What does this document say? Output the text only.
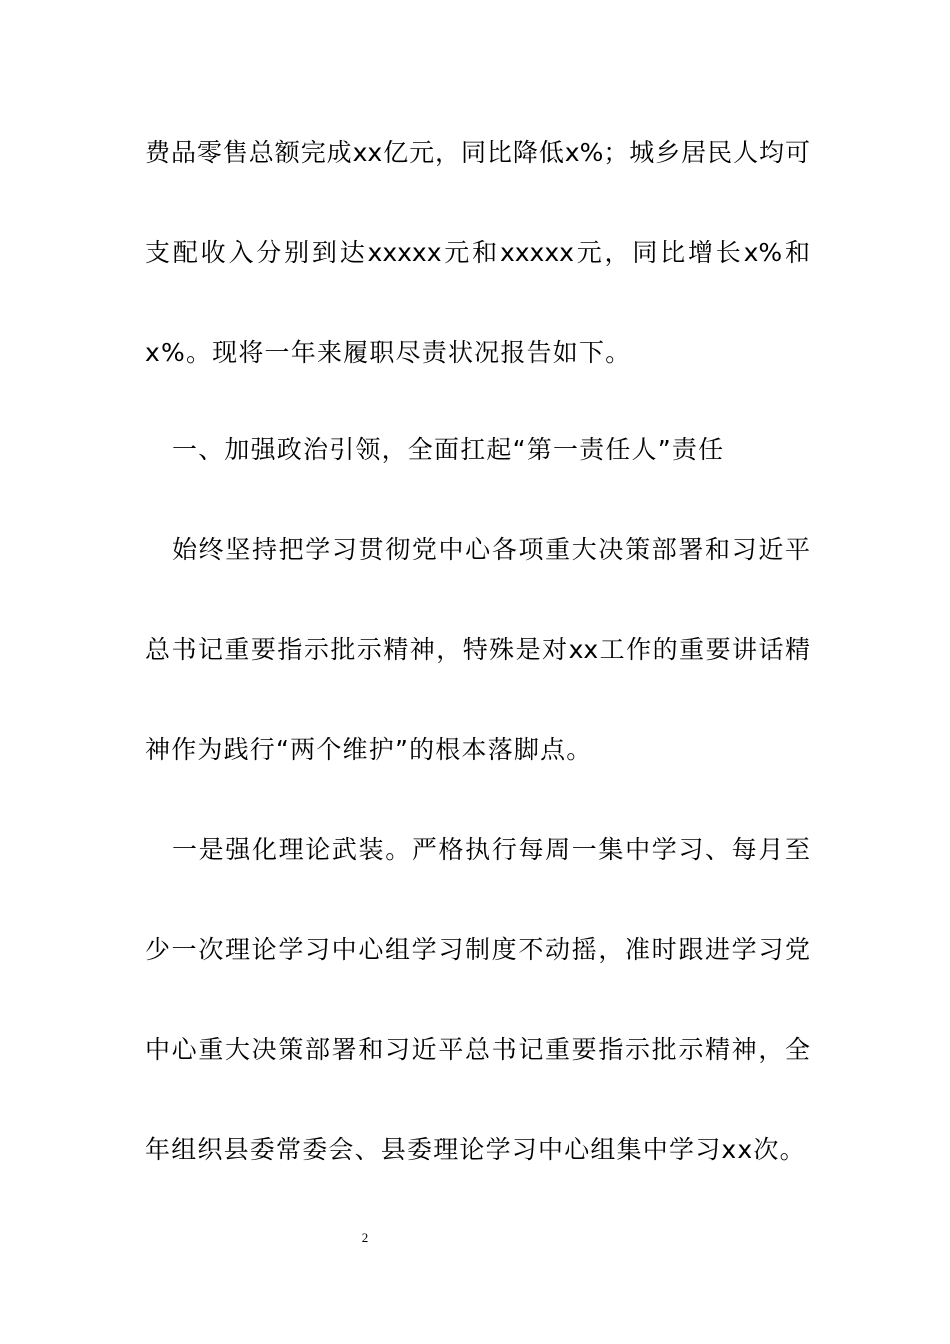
费品零售总额完成xx亿元，同比降低x%；城乡居民人均可
支配收入分别到达xxxxx元和xxxxx元，同比增长x%和
x%。现将一年来履职尽责状况报告如下。
一、加强政治引领，全面扛起“第一责任人”责任
始终坚持把学习贯彻党中心各项重大决策部署和习近平
总书记重要指示批示精神，特殊是对xx工作的重要讲话精
神作为践行“两个维护”的根本落脚点。
一是强化理论武装。严格执行每周一集中学习、每月至
少一次理论学习中心组学习制度不动摇，准时跟进学习党
中心重大决策部署和习近平总书记重要指示批示精神，全
年组织县委常委会、县委理论学习中心组集中学习xx次。
2
